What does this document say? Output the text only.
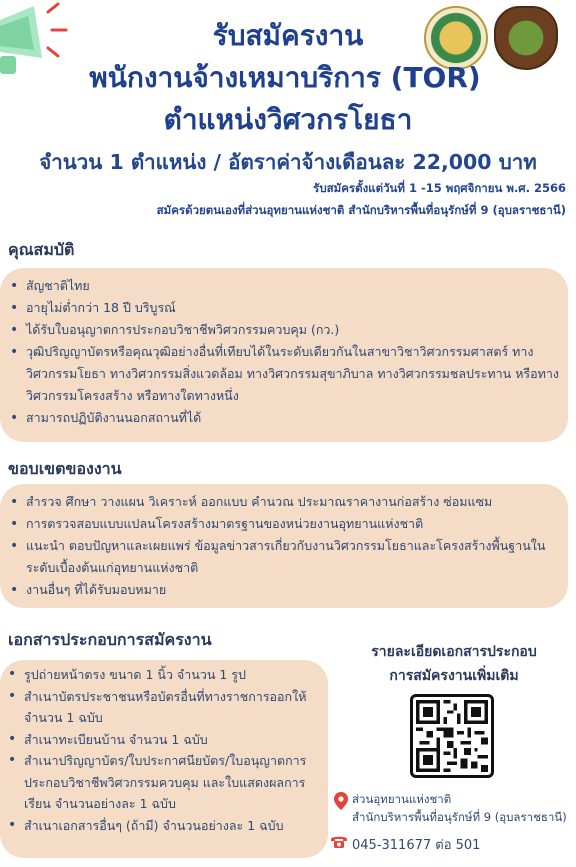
รับสมัครงาน
พนักงานจ้างเหมาบริการ (TOR)
ตำแหน่งวิศวกรโยธา
จำนวน 1 ตำแหน่ง / อัตราค่าจ้างเดือนละ 22,000 บาท
รับสมัครตั้งแต่วันที่ 1 -15 พฤศจิกายน พ.ศ. 2566
สมัครด้วยตนเองที่ส่วนอุทยานแห่งชาติ สำนักบริหารพื้นที่อนุรักษ์ที่ 9 (อุบลราชธานี)
คุณสมบัติ
• สัญชาติไทย
• อายุไม่ต่ำกว่า 18 ปี บริบูรณ์
• ได้รับใบอนุญาตการประกอบวิชาชีพวิศวกรรมควบคุม (กว.)
• วุฒิปริญญาบัตรหรือคุณวุฒิอย่างอื่นที่เทียบได้ในระดับเดียวกันในสาขาวิชาวิศวกรรมศาสตร์ ทางวิศวกรรมโยธา ทางวิศวกรรมสิ่งแวดล้อม ทางวิศวกรรมสุขาภิบาล ทางวิศวกรรมชลประทาน หรือทางวิศวกรรมโครงสร้าง หรือทางใดทางหนึ่ง
• สามารถปฏิบัติงานนอกสถานที่ได้
ขอบเขตของงาน
• สำรวจ ศึกษา วางแผน วิเคราะห์ ออกแบบ คำนวณ ประมาณราคางานก่อสร้าง ซ่อมแซม
• การตรวจสอบแบบแปลนโครงสร้างมาตรฐานของหน่วยงานอุทยานแห่งชาติ
• แนะนำ ตอบปัญหาและเผยแพร่ ข้อมูลข่าวสารเกี่ยวกับงานวิศวกรรมโยธาและโครงสร้างพื้นฐานในระดับเบื้องต้นแก่อุทยานแห่งชาติ
• งานอื่นๆ ที่ได้รับมอบหมาย
เอกสารประกอบการสมัครงาน
• รูปถ่ายหน้าตรง ขนาด 1 นิ้ว จำนวน 1 รูป
• สำเนาบัตรประชาชนหรือบัตรอื่นที่ทางราชการออกให้ จำนวน 1 ฉบับ
• สำเนาทะเบียนบ้าน จำนวน 1 ฉบับ
• สำเนาปริญญาบัตร/ใบประกาศนียบัตร/ใบอนุญาตการประกอบวิชาชีพวิศวกรรมควบคุม และใบแสดงผลการเรียน จำนวนอย่างละ 1 ฉบับ
• สำเนาเอกสารอื่นๆ (ถ้ามี) จำนวนอย่างละ 1 ฉบับ
รายละเอียดเอกสารประกอบ
การสมัครงานเพิ่มเติม
ส่วนอุทยานแห่งชาติ
สำนักบริหารพื้นที่อนุรักษ์ที่ 9 (อุบลราชธานี)
045-311677 ต่อ 501
